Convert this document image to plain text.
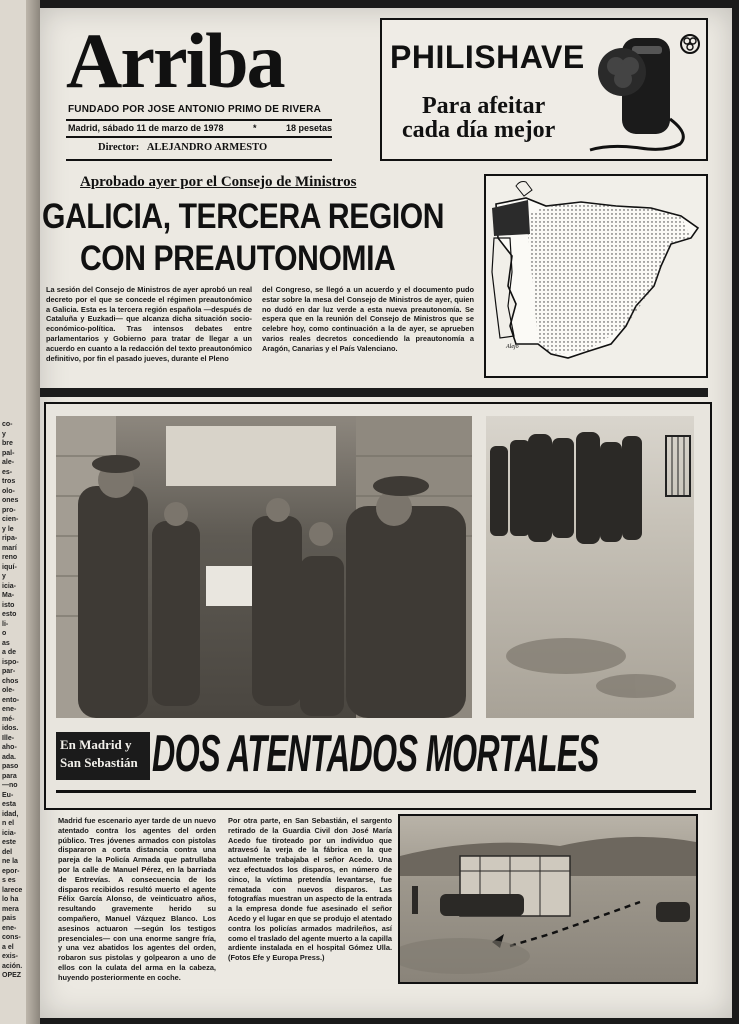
co-
y
bre
pal-
ale-
es-
tros
olo-
ones
pro-
cien-
y le
ripa-
marí
reno
iquí-
y
icia-
Ma-
isto
esto
li-
o
as
a de
ispo-
par-
chos
ole-
ento-
ene-
mé-
idos.
Ille-
aho-
ada.
paso
para
—no
Eu-
esta
idad,
n el
icia-
este
del
ne la
epor-
s es
larece
lo ha
mera
pais
ene-
cons-
a el
exis-
ación.
OPEZ
Arriba
FUNDADO POR JOSE ANTONIO PRIMO DE RIVERA
Madrid, sábado 11 de marzo de 1978	*	18 pesetas
Director: ALEJANDRO ARMESTO
PHILISHAVE
Para afeitar
cada día mejor
Aprobado ayer por el Consejo de Ministros
GALICIA, TERCERA REGION
CON PREAUTONOMIA
La sesión del Consejo de Ministros de ayer aprobó un real decreto por el que se concede el régimen preautonómico a Galicia. Esta es la tercera región española —después de Cataluña y Euzkadi— que alcanza dicha situación socio-económico-política. Tras intensos debates entre parlamentarios y Gobierno para tratar de llegar a un acuerdo en cuanto a la redacción del texto preautonómico definitivo, por fin el pasado jueves, durante el Pleno
del Congreso, se llegó a un acuerdo y el documento pudo estar sobre la mesa del Consejo de Ministros de ayer, quien no dudó en dar luz verde a esta nueva preautonomía. Se espera que en la reunión del Consejo de Ministros que se celebre hoy, como continuación a la de ayer, se aprueben varios reales decretos concediendo la preautonomía a Aragón, Canarias y el País Valenciano.	Alejo
En Madrid y
San Sebastián DOS ATENTADOS MORTALES
Madrid fue escenario ayer tarde de un nuevo atentado contra los agentes del orden público. Tres jóvenes armados con pistolas dispararon a corta distancia contra una pareja de la Policía Armada que patrullaba por la calle de Manuel Pérez, en la barriada de Entrevías. A consecuencia de los disparos recibidos resultó muerto el agente Félix García Alonso, de veinticuatro años, resultando gravemente herido su compañero, Manuel Vázquez Blanco. Los asesinos actuaron —según los testigos presenciales— con una enorme sangre fría, y una vez abatidos los agentes del orden, robaron sus pistolas y golpearon a uno de ellos con la culata del arma en la cabeza, huyendo posteriormente en coche.
Por otra parte, en San Sebastián, el sargento retirado de la Guardia Civil don José María Acedo fue tiroteado por un individuo que atravesó la verja de la fábrica en la que actualmente trabajaba el señor Acedo. Una vez efectuados los disparos, en número de cinco, la víctima pretendía levantarse, fue rematada con nuevos disparos. Las fotografías muestran un aspecto de la entrada a la empresa donde fue asesinado el señor Acedo y el lugar en que se produjo el atentado contra los policías armados madrileños, así como el traslado del agente muerto a la capilla ardiente instalada en el hospital Gómez Ulla. (Fotos Efe y Europa Press.)
